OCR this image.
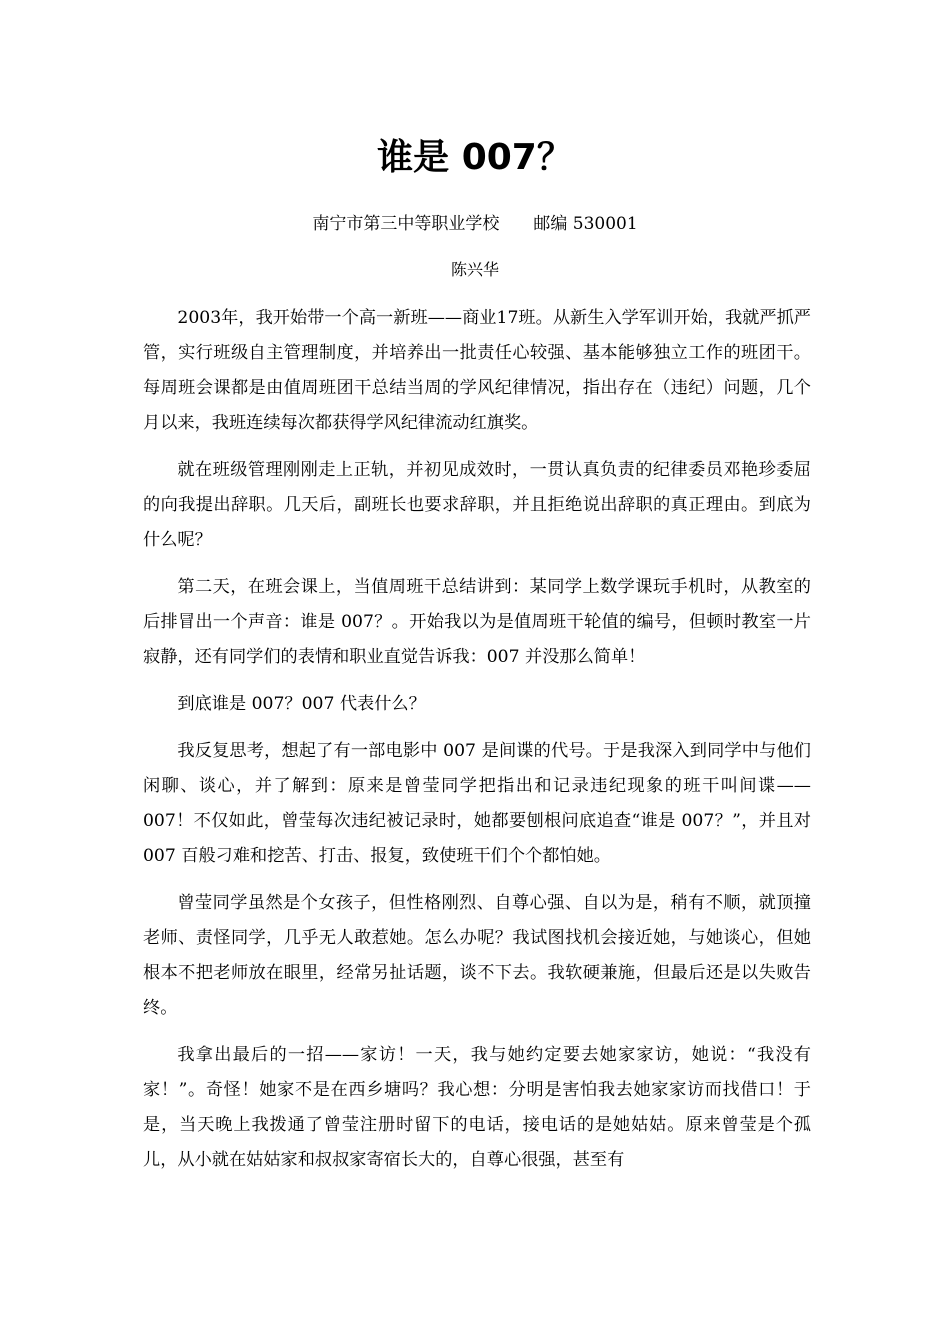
谁是 007？
南宁市第三中等职业学校 邮编 530001
陈兴华

2003年，我开始带一个高一新班——商业17班。从新生入学军训开始，我就严抓严管，实行班级自主管理制度，并培养出一批责任心较强、基本能够独立工作的班团干。每周班会课都是由值周班团干总结当周的学风纪律情况，指出存在（违纪）问题，几个月以来，我班连续每次都获得学风纪律流动红旗奖。

就在班级管理刚刚走上正轨，并初见成效时，一贯认真负责的纪律委员邓艳珍委屈的向我提出辞职。几天后，副班长也要求辞职，并且拒绝说出辞职的真正理由。到底为什么呢？

第二天，在班会课上，当值周班干总结讲到：某同学上数学课玩手机时，从教室的后排冒出一个声音：谁是 007？。开始我以为是值周班干轮值的编号，但顿时教室一片寂静，还有同学们的表情和职业直觉告诉我：007 并没那么简单！

到底谁是 007？007 代表什么？

我反复思考，想起了有一部电影中 007 是间谍的代号。于是我深入到同学中与他们闲聊、谈心，并了解到：原来是曾莹同学把指出和记录违纪现象的班干叫间谍——007！不仅如此，曾莹每次违纪被记录时，她都要刨根问底追查“谁是 007？”，并且对 007 百般刁难和挖苦、打击、报复，致使班干们个个都怕她。

曾莹同学虽然是个女孩子，但性格刚烈、自尊心强、自以为是，稍有不顺，就顶撞老师、责怪同学，几乎无人敢惹她。怎么办呢？我试图找机会接近她，与她谈心，但她根本不把老师放在眼里，经常另扯话题，谈不下去。我软硬兼施，但最后还是以失败告终。

我拿出最后的一招——家访！一天，我与她约定要去她家家访，她说：“我没有家！”。奇怪！她家不是在西乡塘吗？我心想：分明是害怕我去她家家访而找借口！于是，当天晚上我拨通了曾莹注册时留下的电话，接电话的是她姑姑。原来曾莹是个孤儿，从小就在姑姑家和叔叔家寄宿长大的，自尊心很强，甚至有
